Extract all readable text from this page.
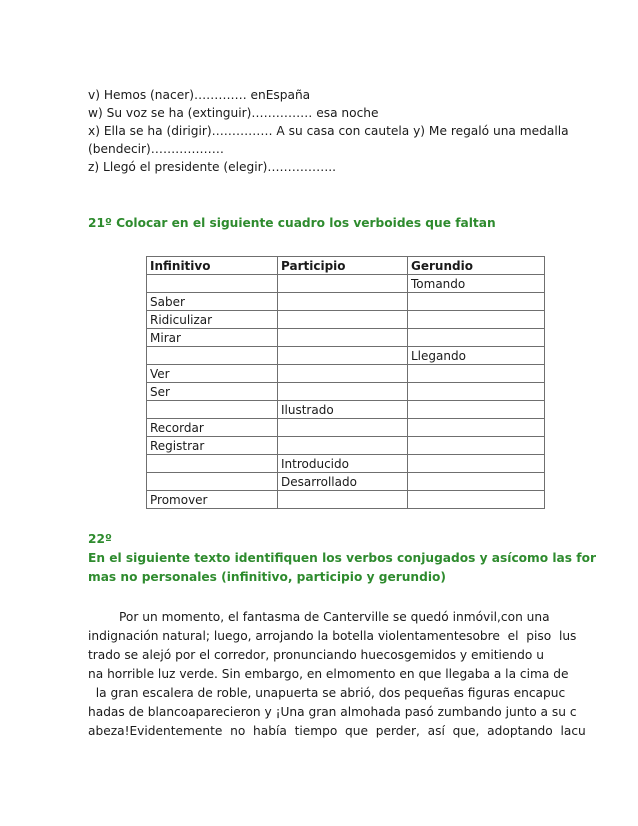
v) Hemos (nacer)…………. enEspaña
w) Su voz se ha (extinguir)…………… esa noche
x) Ella se ha (dirigir)…………… A su casa con cautela y) Me regaló una medalla
(bendecir)………………
z) Llegó el presidente (elegir)……………..
21º Colocar en el siguiente cuadro los verboides que faltan
Infinitivo	Participio	Gerundio
		Tomando
Saber		
Ridiculizar		
Mirar		
		Llegando
Ver		
Ser		
	Ilustrado	
Recordar		
Registrar		
	Introducido	
	Desarrollado	
Promover		
22º
En el siguiente texto identifiquen los verbos conjugados y asícomo las for
mas no personales (infinitivo, participio y gerundio)
Por un momento, el fantasma de Canterville se quedó inmóvil,con una
indignación natural; luego, arrojando la botella violentamentesobre  el  piso  lus
trado se alejó por el corredor, pronunciando huecosgemidos y emitiendo u
na horrible luz verde. Sin embargo, en elmomento en que llegaba a la cima de
la gran escalera de roble, unapuerta se abrió, dos pequeñas figuras encapuc
hadas de blancoaparecieron y ¡Una gran almohada pasó zumbando junto a su c
abeza!Evidentemente  no  había  tiempo  que  perder,  así  que,  adoptando  lacu
